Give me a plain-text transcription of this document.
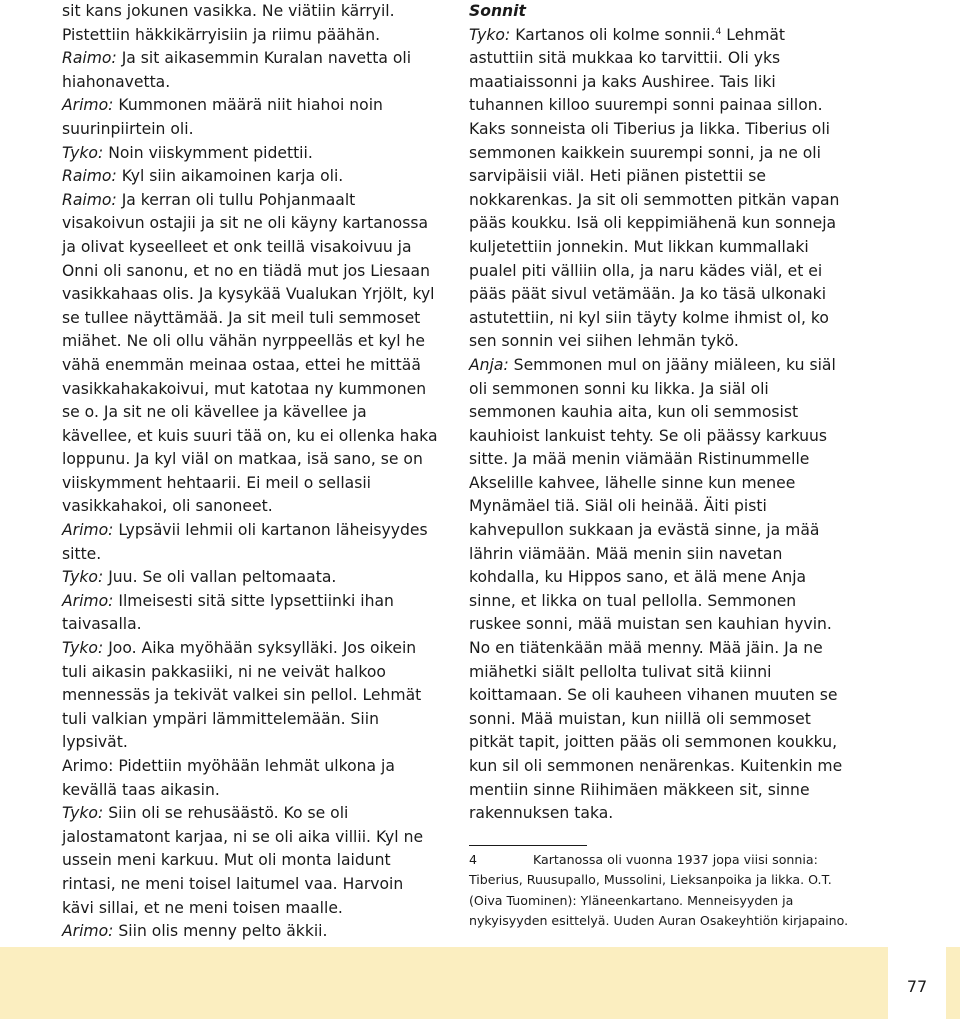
sit kans jokunen vasikka. Ne viätiin kärryil. Pistettiin häkkikärryisiin ja riimu päähän.

Raimo: Ja sit aikasemmin Kuralan navetta oli hiahonavetta.

Arimo: Kummonen määrä niit hiahoi noin suurinpiirtein oli.

Tyko: Noin viiskymment pidettii.

Raimo: Kyl siin aikamoinen karja oli.

Raimo: Ja kerran oli tullu Pohjanmaalt visakoivun ostajii ja sit ne oli käyny kartanossa ja olivat kyseelleet et onk teillä visakoivuu ja Onni oli sanonu, et no en tiädä mut jos Liesaan vasikkahaas olis. Ja kysykää Vualukan Yrjölt, kyl se tullee näyttämää. Ja sit meil tuli semmoset miähet. Ne oli ollu vähän nyrppeelläs et kyl he vähä enemmän meinaa ostaa, ettei he mittää vasikkahakakoivui, mut katotaa ny kummonen se o. Ja sit ne oli kävellee ja kävellee ja kävellee, et kuis suuri tää on, ku ei ollenka haka loppunu. Ja kyl viäl on matkaa, isä sano, se on viiskymment hehtaarii. Ei meil o sellasii vasikkahakoi, oli sanoneet.

Arimo: Lypsävii lehmii oli kartanon läheisyydes sitte.

Tyko: Juu. Se oli vallan peltomaata.

Arimo: Ilmeisesti sitä sitte lypsettiinki ihan taivasalla.

Tyko: Joo. Aika myöhään syksylläki. Jos oikein tuli aikasin pakkasiiki, ni ne veivät halkoo mennessäs ja tekivät valkei sin pellol. Lehmät tuli valkian ympäri lämmittelemään. Siin lypsivät.

Arimo: Pidettiin myöhään lehmät ulkona ja kevällä taas aikasin.

Tyko: Siin oli se rehusäästö. Ko se oli jalostamatont karjaa, ni se oli aika villii. Kyl ne ussein meni karkuu. Mut oli monta laidunt rintasi, ne meni toisel laitumel vaa. Harvoin kävi sillai, et ne meni toisen maalle.

Arimo: Siin olis menny pelto äkkii.

Sonnit

Tyko: Kartanos oli kolme sonnii.$^4$ Lehmät astuttiin sitä mukkaa ko tarvittii. Oli yks maatiaissonni ja kaks Aushiree. Tais liki tuhannen killoo suurempi sonni painaa sillon. Kaks sonneista oli Tiberius ja likka. Tiberius oli semmonen kaikkein suurempi sonni, ja ne oli sarvipäisii viäl. Heti piänen pistettii se nokkarenkas. Ja sit oli semmotten pitkän vapan pääs koukku. Isä oli keppimiähenä kun sonneja kuljetettiin jonnekin. Mut likkan kummallaki pualel piti välliin olla, ja naru kädes viäl, et ei pääs päät sivul vetämään. Ja ko täsä ulkonaki astutettiin, ni kyl siin täyty kolme ihmist ol, ko sen sonnin vei siihen lehmän tykö.

Anja: Semmonen mul on jääny miäleen, ku siäl oli semmonen sonni ku likka. Ja siäl oli semmonen kauhia aita, kun oli semmosist kauhioist lankuist tehty. Se oli päässy karkuus sitte. Ja mää menin viämään Ristinummelle Akselille kahvee, lähelle sinne kun menee Mynämäel tiä. Siäl oli heinää. Äiti pisti kahvepullon sukkaan ja evästä sinne, ja mää lährin viämään. Mää menin siin navetan kohdalla, ku Hippos sano, et älä mene Anja sinne, et likka on tual pellolla. Semmonen ruskee sonni, mää muistan sen kauhian hyvin. No en tiätenkään mää menny. Mää jäin. Ja ne miähetki siält pellolta tulivat sitä kiinni koittamaan. Se oli kauheen vihanen muuten se sonni. Mää muistan, kun niillä oli semmoset pitkät tapit, joitten pääs oli semmonen koukku, kun sil oli semmonen nenärenkas. Kuitenkin me mentiin sinne Riihimäen mäkkeen sit, sinne rakennuksen taka.

4	Kartanossa oli vuonna 1937 jopa viisi sonnia: Tiberius, Ruusupallo, Mussolini, Lieksanpoika ja likka. O.T. (Oiva Tuominen): Yläneenkartano. Menneisyyden ja nykyisyyden esittelyä. Uuden Auran Osakeyhtiön kirjapaino.

77
